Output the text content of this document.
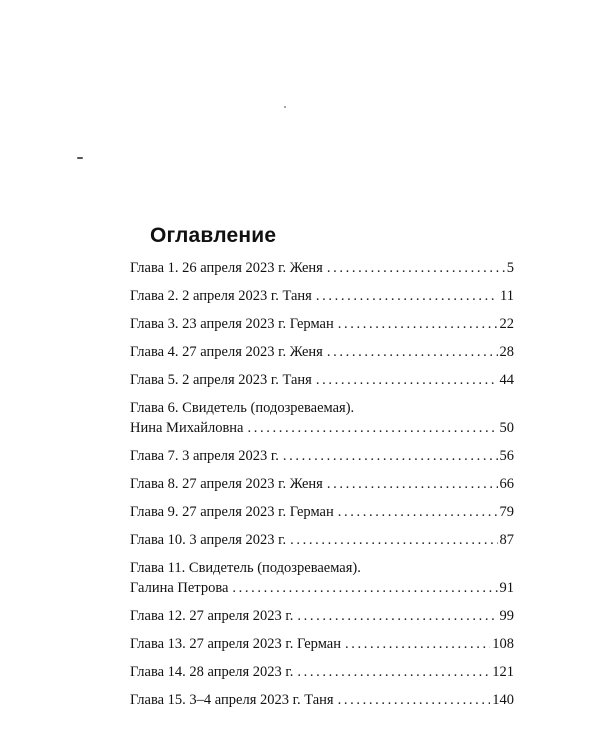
Оглавление
Глава 1. 26 апреля 2023 г. Женя . . .	5
Глава 2. 2 апреля 2023 г. Таня . . .	11
Глава 3. 23 апреля 2023 г. Герман . . .	22
Глава 4. 27 апреля 2023 г. Женя . . .	28
Глава 5. 2 апреля 2023 г. Таня . . .	44
Глава 6. Свидетель (подозреваемая).
Нина Михайловна . . .	50
Глава 7. 3 апреля 2023 г. . . .	56
Глава 8. 27 апреля 2023 г. Женя . . .	66
Глава 9. 27 апреля 2023 г. Герман . . .	79
Глава 10. 3 апреля 2023 г. . . .	87
Глава 11. Свидетель (подозреваемая).
Галина Петрова . . .	91
Глава 12. 27 апреля 2023 г. . . .	99
Глава 13. 27 апреля 2023 г. Герман . . .	108
Глава 14. 28 апреля 2023 г. . . .	121
Глава 15. 3–4 апреля 2023 г. Таня . . .	140
